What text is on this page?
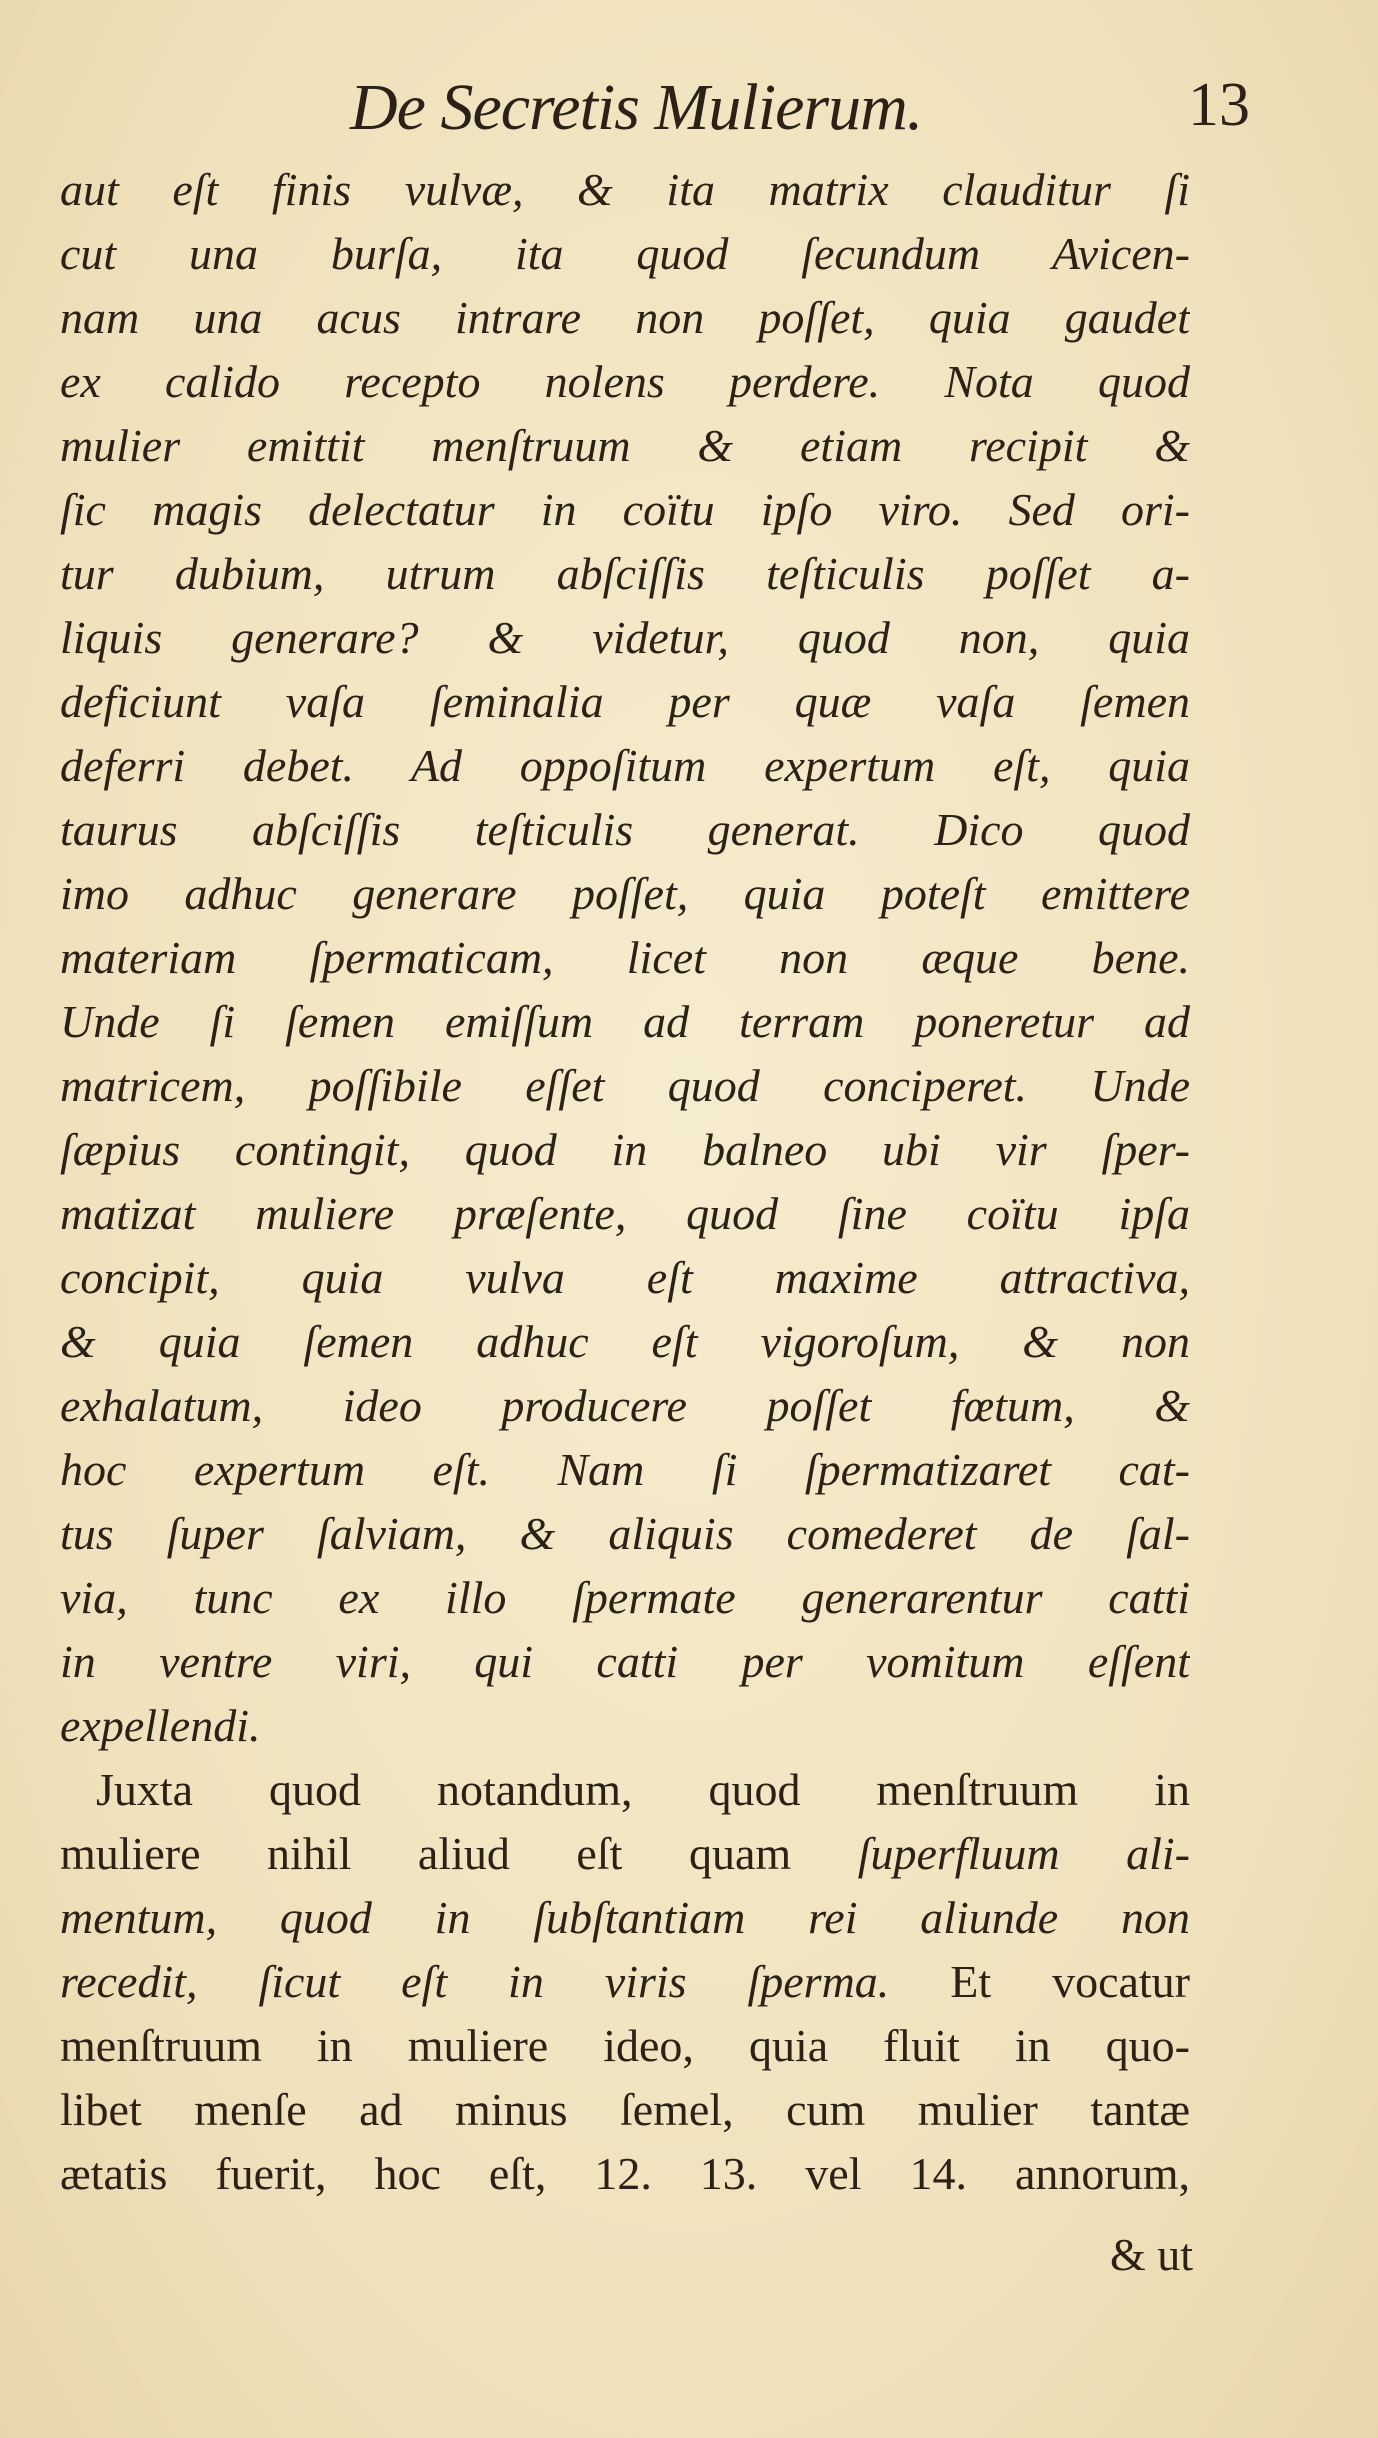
De Secretis Mulierum.	13
aut eſt finis vulvæ, & ita matrix clauditur ſi
cut una burſa, ita quod ſecundum Avicen-
nam una acus intrare non poſſet, quia gaudet
ex calido recepto nolens perdere. Nota quod
mulier emittit menſtruum & etiam recipit &
ſic magis delectatur in coïtu ipſo viro. Sed ori-
tur dubium, utrum abſciſſis teſticulis poſſet a-
liquis generare? & videtur, quod non, quia
deficiunt vaſa ſeminalia per quæ vaſa ſemen
deferri debet. Ad oppoſitum expertum eſt, quia
taurus abſciſſis teſticulis generat. Dico quod
imo adhuc generare poſſet, quia poteſt emittere
materiam ſpermaticam, licet non æque bene.
Unde ſi ſemen emiſſum ad terram poneretur ad
matricem, poſſibile eſſet quod conciperet. Unde
ſæpius contingit, quod in balneo ubi vir ſper-
matizat muliere præſente, quod ſine coïtu ipſa
concipit, quia vulva eſt maxime attractiva,
& quia ſemen adhuc eſt vigoroſum, & non
exhalatum, ideo producere poſſet fœtum, &
hoc expertum eſt. Nam ſi ſpermatizaret cat-
tus ſuper ſalviam, & aliquis comederet de ſal-
via, tunc ex illo ſpermate generarentur catti
in ventre viri, qui catti per vomitum eſſent
expellendi.
Juxta quod notandum, quod menſtruum in
muliere nihil aliud eſt quam ſuperfluum ali-
mentum, quod in ſubſtantiam rei aliunde non
recedit, ſicut eſt in viris ſperma. Et vocatur
menſtruum in muliere ideo, quia fluit in quo-
libet menſe ad minus ſemel, cum mulier tantæ
ætatis fuerit, hoc eſt, 12. 13. vel 14. annorum,
& ut
